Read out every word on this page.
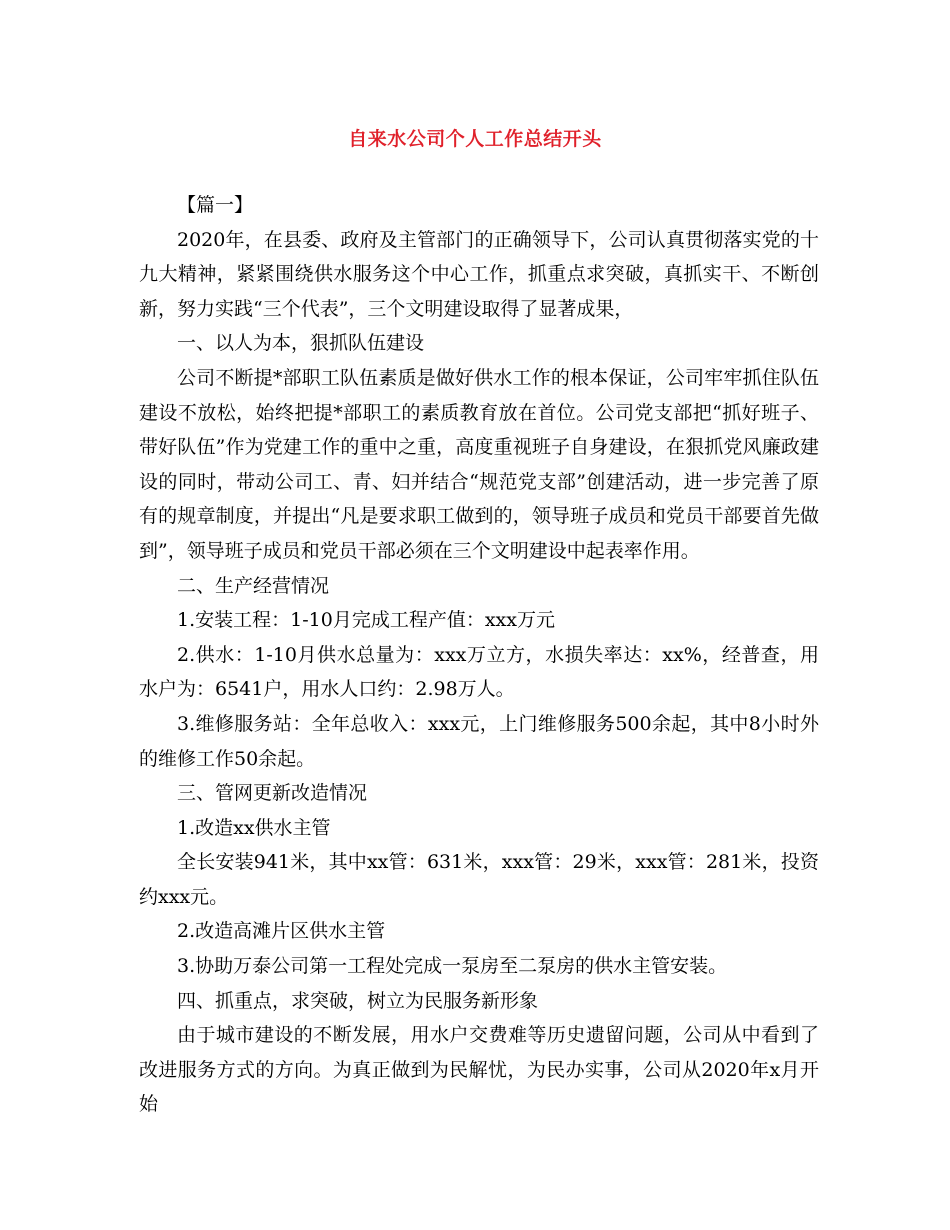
自来水公司个人工作总结开头

【篇一】

2020年，在县委、政府及主管部门的正确领导下，公司认真贯彻落实党的十九大精神，紧紧围绕供水服务这个中心工作，抓重点求突破，真抓实干、不断创新，努力实践“三个代表”，三个文明建设取得了显著成果，

一、以人为本，狠抓队伍建设

公司不断提*部职工队伍素质是做好供水工作的根本保证，公司牢牢抓住队伍建设不放松，始终把提*部职工的素质教育放在首位。公司党支部把“抓好班子、带好队伍”作为党建工作的重中之重，高度重视班子自身建设，在狠抓党风廉政建设的同时，带动公司工、青、妇并结合“规范党支部”创建活动，进一步完善了原有的规章制度，并提出“凡是要求职工做到的，领导班子成员和党员干部要首先做到”，领导班子成员和党员干部必须在三个文明建设中起表率作用。

二、生产经营情况

1.安装工程：1-10月完成工程产值：xxx万元

2.供水：1-10月供水总量为：xxx万立方，水损失率达：xx%，经普查，用水户为：6541户，用水人口约：2.98万人。

3.维修服务站：全年总收入：xxx元，上门维修服务500余起，其中8小时外的维修工作50余起。

三、管网更新改造情况

1.改造xx供水主管

全长安装941米，其中xx管：631米，xxx管：29米，xxx管：281米，投资约xxx元。

2.改造高滩片区供水主管

3.协助万泰公司第一工程处完成一泵房至二泵房的供水主管安装。

四、抓重点，求突破，树立为民服务新形象

由于城市建设的不断发展，用水户交费难等历史遗留问题，公司从中看到了改进服务方式的方向。为真正做到为民解忧，为民办实事，公司从2020年x月开始
